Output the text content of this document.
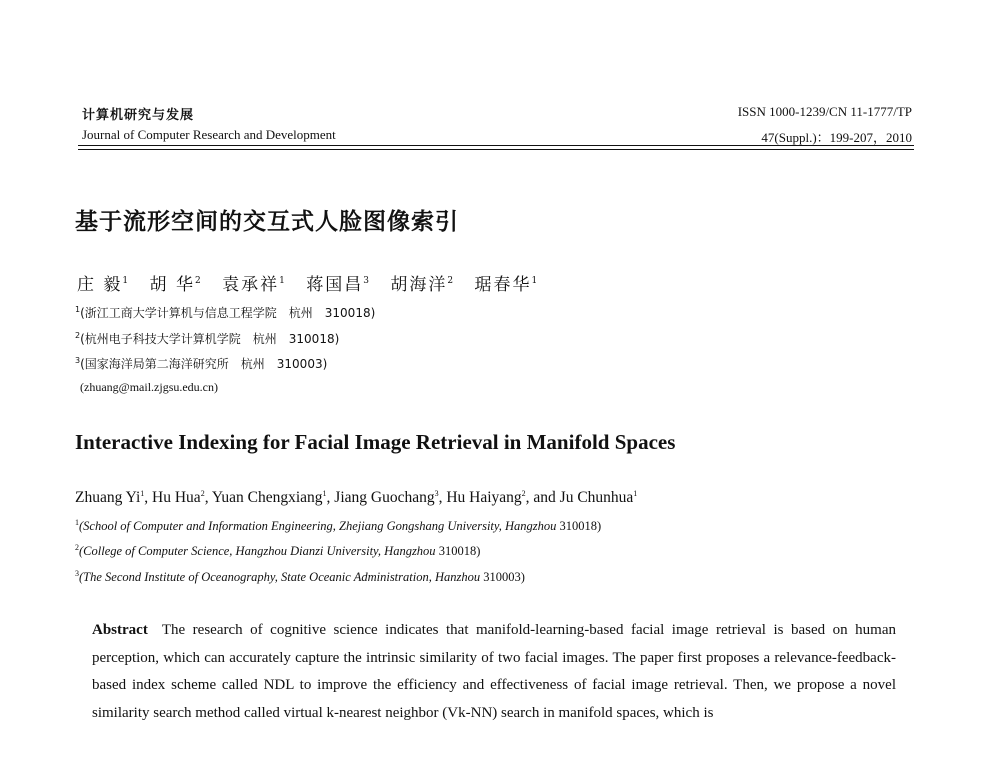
计算机研究与发展
Journal of Computer Research and Development
ISSN 1000-1239/CN 11-1777/TP
47(Suppl.)：199-207，2010
基于流形空间的交互式人脸图像索引
庄 毅$^1$ 胡 华$^2$ 袁承祥$^1$ 蒋国昌$^3$ 胡海洋$^2$ 琚春华$^1$
$^1$(浙江工商大学计算机与信息工程学院　杭州　310018)
$^2$(杭州电子科技大学计算机学院　杭州　310018)
$^3$(国家海洋局第二海洋研究所　杭州　310003)
(zhuang@mail.zjgsu.edu.cn)
Interactive Indexing for Facial Image Retrieval in Manifold Spaces
Zhuang Yi$^1$, Hu Hua$^2$, Yuan Chengxiang$^1$, Jiang Guochang$^3$, Hu Haiyang$^2$, and Ju Chunhua$^1$
$^1$(School of Computer and Information Engineering, Zhejiang Gongshang University, Hangzhou 310018)
$^2$(College of Computer Science, Hangzhou Dianzi University, Hangzhou 310018)
$^3$(The Second Institute of Oceanography, State Oceanic Administration, Hanzhou 310003)
Abstract The research of cognitive science indicates that manifold-learning-based facial image retrieval is based on human perception, which can accurately capture the intrinsic similarity of two facial images. The paper first proposes a relevance-feedback-based index scheme called NDL to improve the efficiency and effectiveness of facial image retrieval. Then, we propose a novel similarity search method called virtual k-nearest neighbor (Vk-NN) search in manifold spaces, which is
